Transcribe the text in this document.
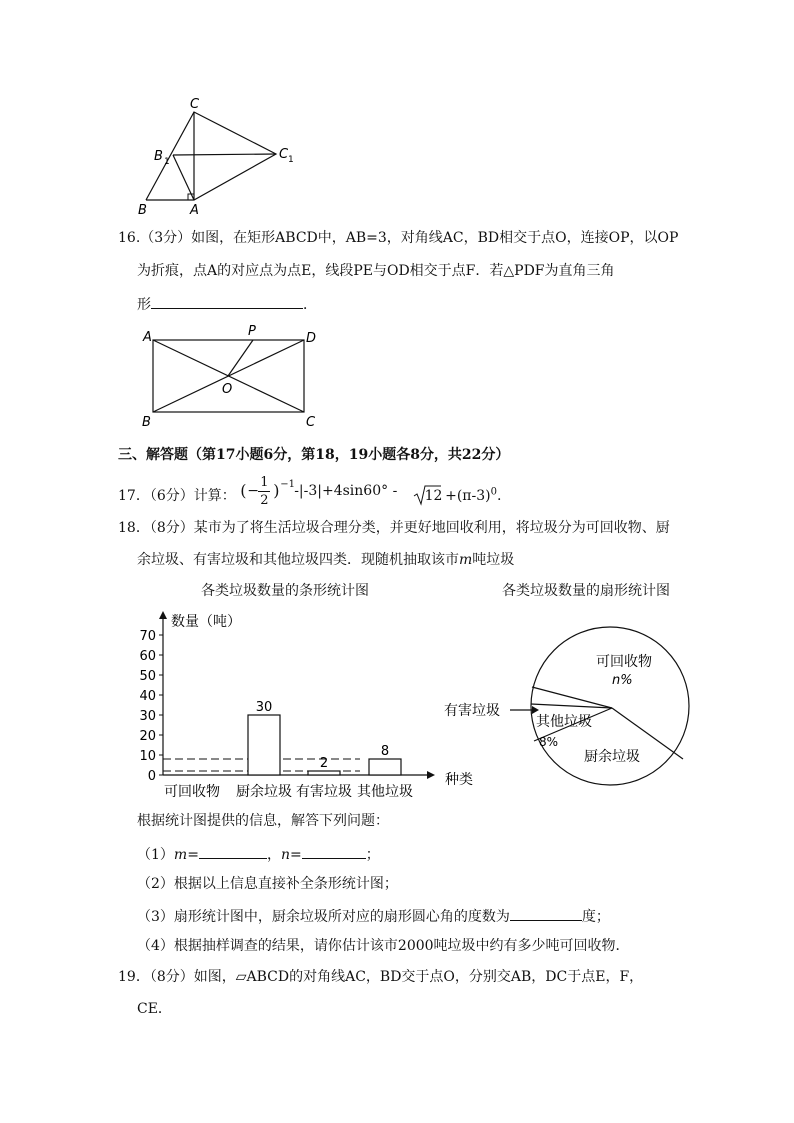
C
B 1	C 1
B	A
16.（3分）如图，在矩形ABCD中，AB=3，对角线AC，BD相交于点O，连接OP，以OP
为折痕，点A的对应点为点E，线段PE与OD相交于点F．若△PDF为直角三角
形	．
A	P	D
O
B	C
三、解答题（第17小题6分，第18，19小题各8分，共22分）
17．（6分）计算： ( −
1
2
) −1 -|-3|+4sin60° -
$12 +(\pi-3)^0$.
18．（8分）某市为了将生活垃圾合理分类，并更好地回收利用，将垃圾分为可回收物、厨
余垃圾、有害垃圾和其他垃圾四类．现随机抽取该市m吨垃圾
各类垃圾数量的条形统计图	各类垃圾数量的扇形统计图
数量（吨）
种类
0
10
20
30
40
50
60
70
可回收物 厨余垃圾
30
有害垃圾
2
其他垃圾
8
可回收物
n%
其他垃圾
8%
厨余垃圾
有害垃圾
根据统计图提供的信息，解答下列问题：
（1）m=	，n=	；
（2）根据以上信息直接补全条形统计图；
（3）扇形统计图中，厨余垃圾所对应的扇形圆心角的度数为	度；
（4）根据抽样调查的结果，请你估计该市2000吨垃圾中约有多少吨可回收物．
19．（8分）如图，▱ABCD的对角线AC，BD交于点O，分别交AB，DC于点E，F，
CE．
